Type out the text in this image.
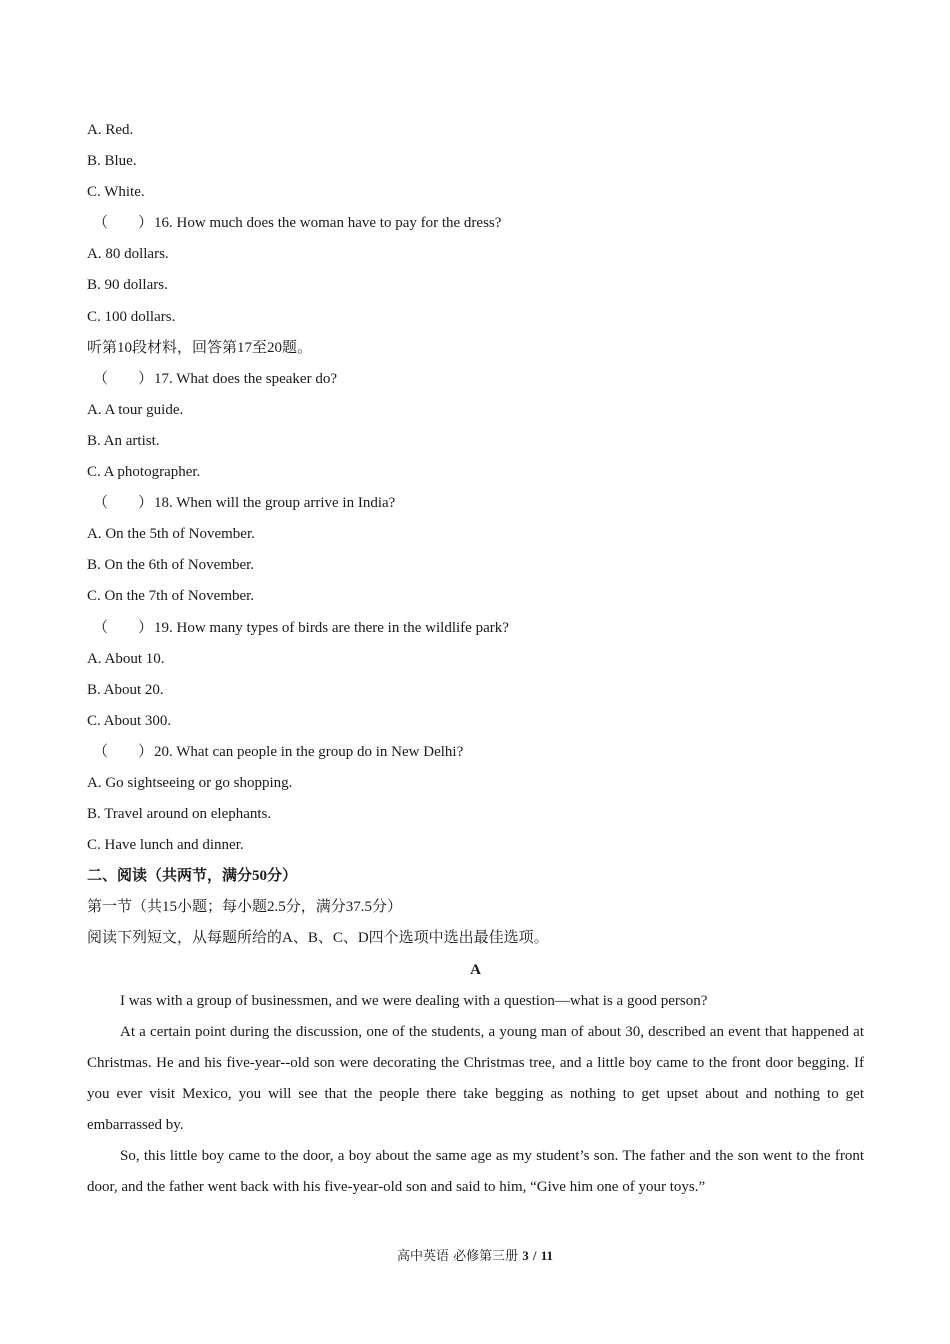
A. Red.
B. Blue.
C. White.
（　　）16. How much does the woman have to pay for the dress?
A. 80 dollars.
B. 90 dollars.
C. 100 dollars.
听第10段材料，回答第17至20题。
（　　）17. What does the speaker do?
A. A tour guide.
B. An artist.
C. A photographer.
（　　）18. When will the group arrive in India?
A. On the 5th of November.
B. On the 6th of November.
C. On the 7th of November.
（　　）19. How many types of birds are there in the wildlife park?
A. About 10.
B. About 20.
C. About 300.
（　　）20. What can people in the group do in New Delhi?
A. Go sightseeing or go shopping.
B. Travel around on elephants.
C. Have lunch and dinner.
二、阅读（共两节，满分50分）
第一节（共15小题；每小题2.5分，满分37.5分）
阅读下列短文，从每题所给的A、B、C、D四个选项中选出最佳选项。
A

I was with a group of businessmen, and we were dealing with a question—what is a good person?

At a certain point during the discussion, one of the students, a young man of about 30, described an event that happened at Christmas. He and his five-year--old son were decorating the Christmas tree, and a little boy came to the front door begging. If you ever visit Mexico, you will see that the people there take begging as nothing to get upset about and nothing to get embarrassed by.

So, this little boy came to the door, a boy about the same age as my student’s son. The father and the son went to the front door, and the father went back with his five-year-old son and said to him, “Give him one of your toys.”

高中英语 必修第三册 3 / 11
